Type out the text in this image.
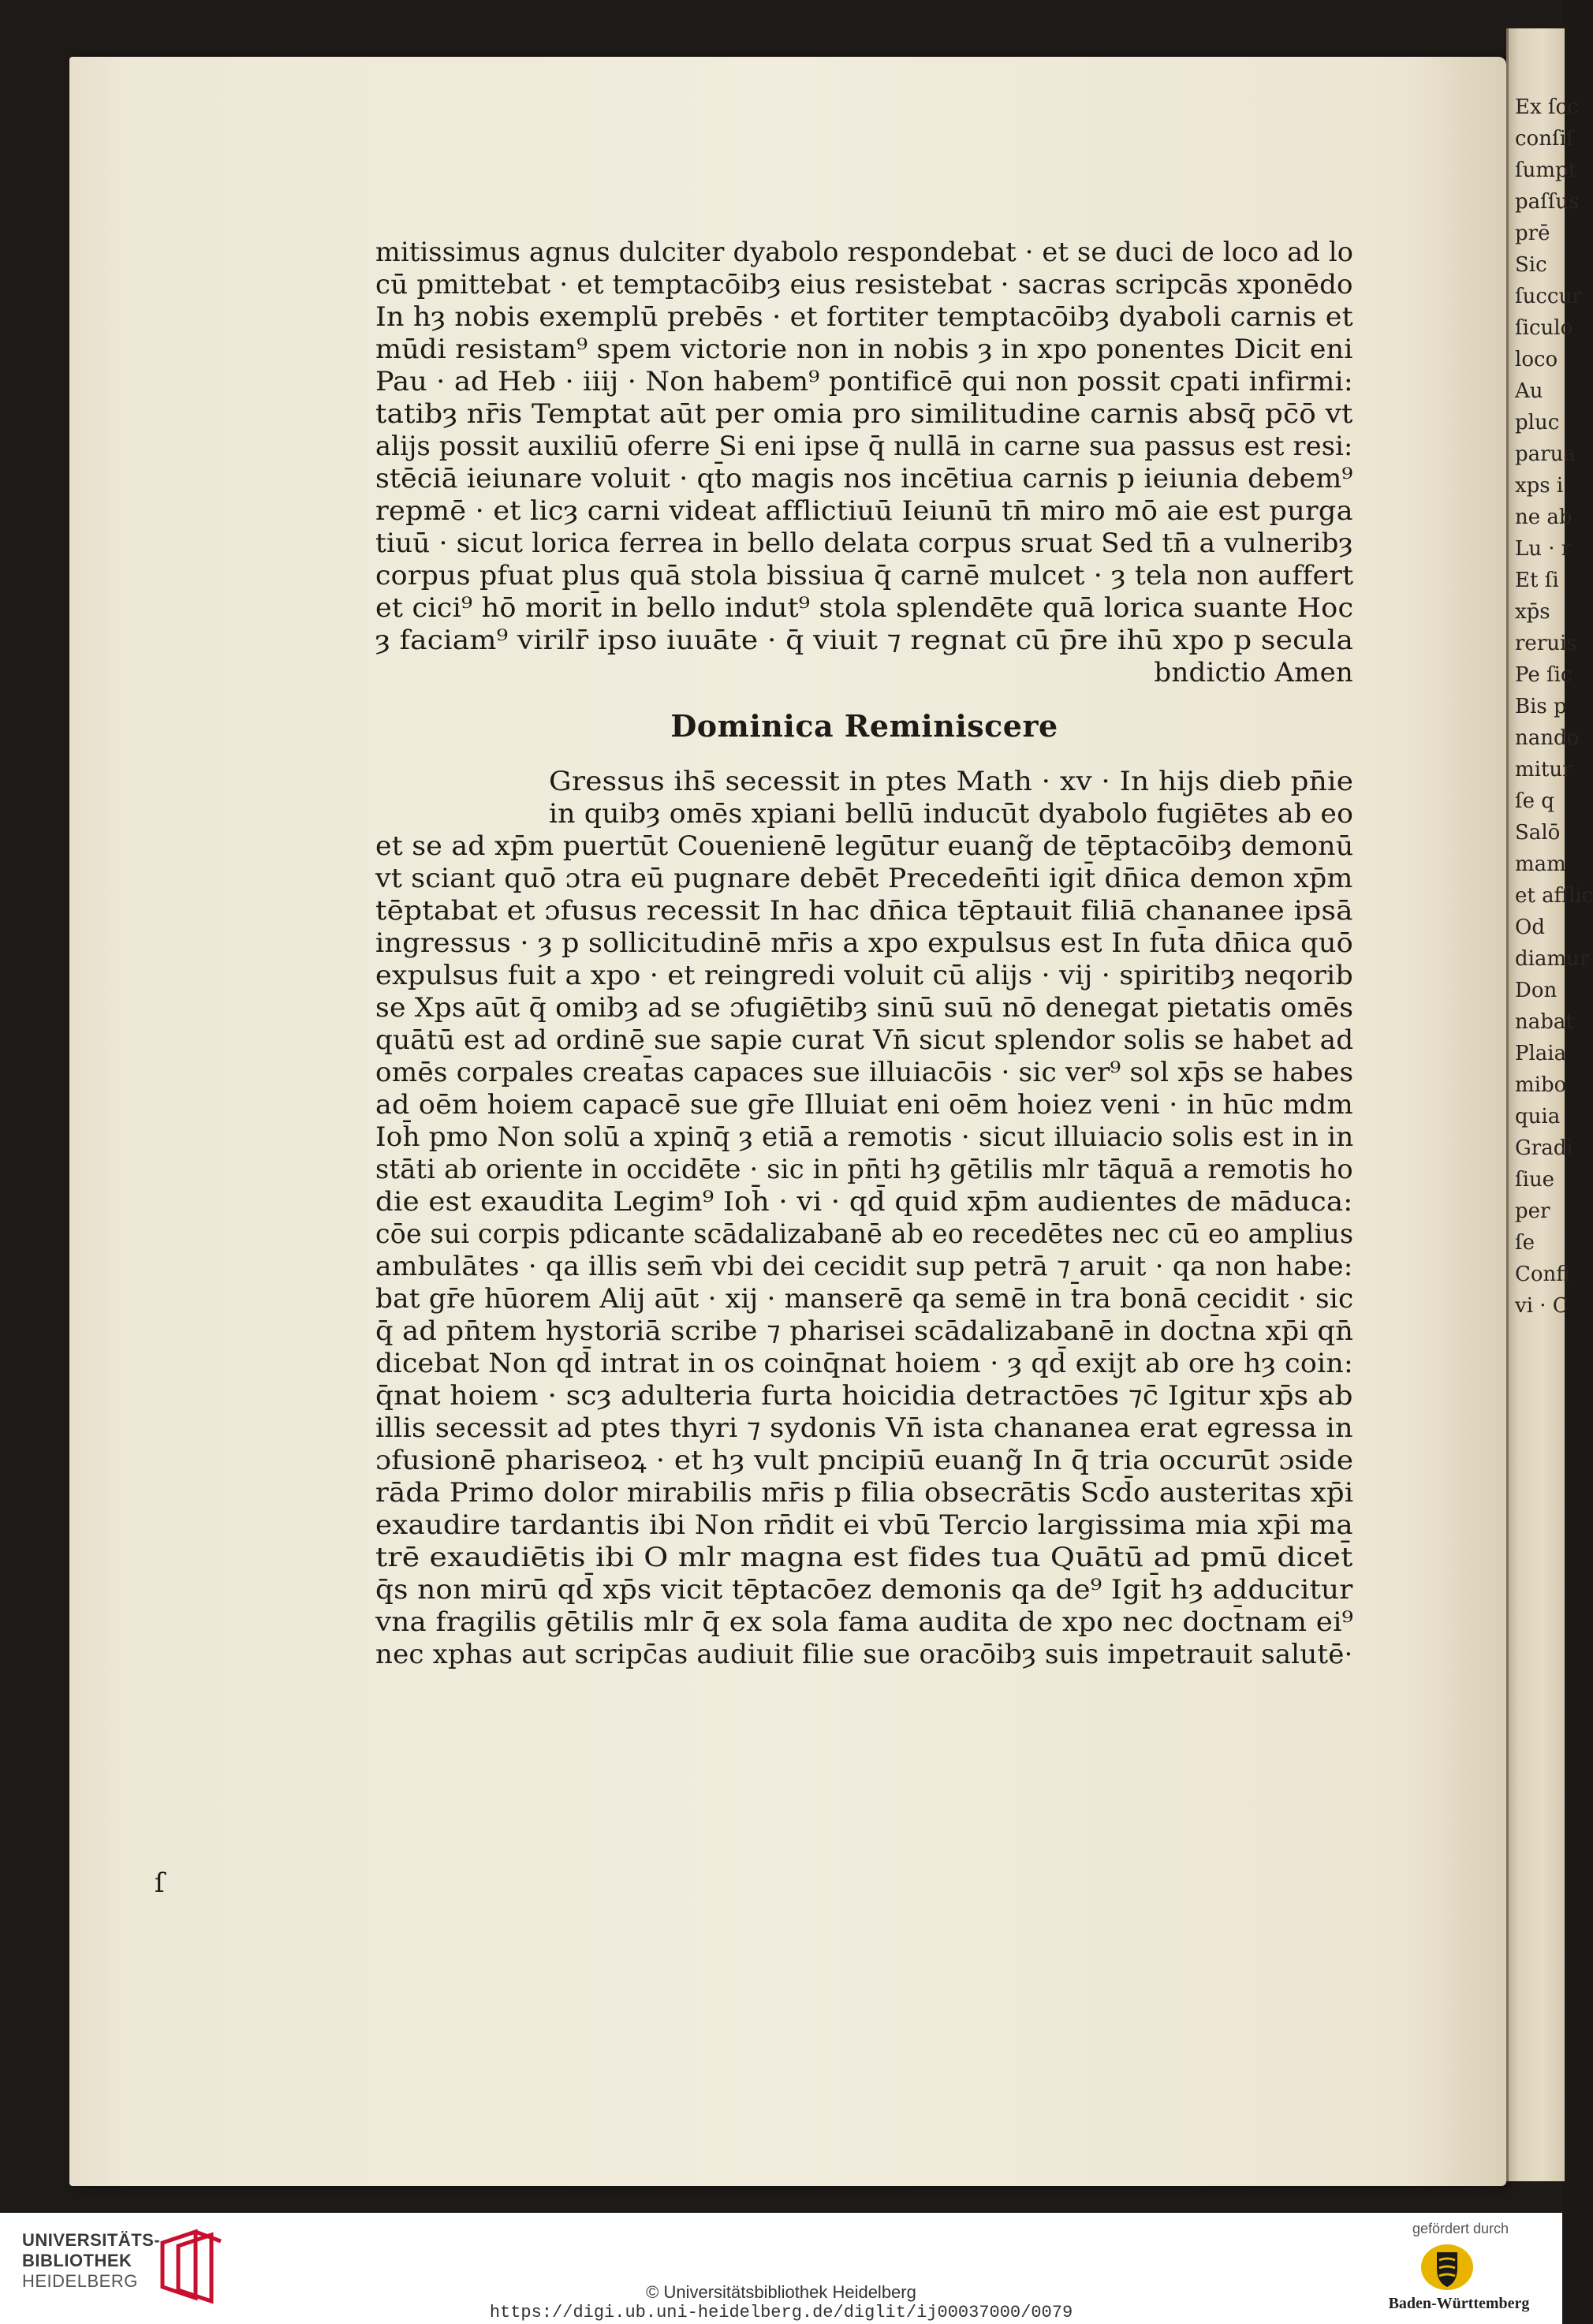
mitissimus agnus dulciter dyabolo respondebat · et se duci de loco ad lo
cū pmittebat · et temptacōibȝ eius resistebat · sacras scripcās xponēdo
In hȝ nobis exemplū prebēs · et fortiter temptacōibȝ dyaboli carnis et
mūdi resistam⁹ spem victorie non in nobis ȝ in xpo ponentes Dicit eni
Pau · ad Heb · iiij · Non habem⁹ pontificē qui non possit cpati infirmi:
tatibȝ nr̄is Temptat aūt per omia pro similitudine carnis absq̄ pc̄ō vt
alijs possit auxiliū oferre Si eni ipse q̄ nullā in carne sua passus est resi:
stēciā ieiunare voluit · qt̄o magis nos incētiua carnis p ieiunia debem⁹
repmē · et licȝ carni videat afflictiuū Ieiunū tn̄ miro mō aie est purga
tiuū · sicut lorica ferrea in bello delata corpus sruat Sed tn̄ a vulneribȝ
corpus pfuat plus quā stola bissiua q̄ carnē mulcet · ȝ tela non auffert
et cici⁹ hō morit̄ in bello indut⁹ stola splendēte quā lorica suante Hoc
ȝ faciam⁹ virilr̄ ipso iuuāte · q̄ viuit ⁊ regnat cū p̄re ihū xpo p secula
bndictio Amen
Dominica Reminiscere
Gressus ihs̄ secessit in ptes Math · xv · In hijs dieb pn̄ie
in quibȝ omēs xpiani bellū inducūt dyabolo fugiētes ab eo
et se ad xp̄m puertūt Couenienē legūtur euang̃ de tēptacōibȝ demonū
vt sciant quō ɔtra eū pugnare debēt Preceden̄ti igit̄ dn̄ica demon xp̄m
tēptabat et ɔfusus recessit In hac dn̄ica tēptauit filiā chananee ipsā
ingressus · ȝ p sollicitudinē mr̄is a xpo expulsus est In fut̄a dn̄ica quō
expulsus fuit a xpo · et reingredi voluit cū alijs · vij · spiritibȝ neqorib
se Xps aūt q̄ omibȝ ad se ɔfugiētibȝ sinū suū nō denegat pietatis omēs
quātū est ad ordinē sue sapie curat Vn̄ sicut splendor solis se habet ad
omēs corpales creat̄as capaces sue illuiacōis · sic ver⁹ sol xp̄s se habes
ad oēm hoiem capacē sue gr̄e Illuiat eni oēm hoiez veni · in hūc mdm
Ioh̄ pmo Non solū a xpinq̄ ȝ etiā a remotis · sicut illuiacio solis est in in
stāti ab oriente in occidēte · sic in pn̄ti hȝ gētilis mlr tāquā a remotis ho
die est exaudita Legim⁹ Ioh̄ · vi · qd̄ quid xp̄m audientes de māduca:
cōe sui corpis pdicante scādalizabanē ab eo recedētes nec cū eo amplius
ambulātes · qa illis sem̄ vbi dei cecidit sup petrā ⁊ aruit · qa non habe:
bat gr̄e hūorem Alij aūt · xij · manserē qa semē in t̄ra bonā cecidit · sic
q̄ ad pn̄tem hystoriā scribe ⁊ pharisei scādalizabanē in doct̄na xp̄i qn̄
dicebat Non qd̄ intrat in os coinq̄nat hoiem · ȝ qd̄ exijt ab ore hȝ coin:
q̄nat hoiem · scȝ adulteria furta hoicidia detractōes ⁊c̄ Igitur xp̄s ab
illis secessit ad ptes thyri ⁊ sydonis Vn̄ ista chananea erat egressa in
ɔfusionē phariseoꝝ · et hȝ vult pncipiū euang̃ In q̄ tria occurūt ɔside
rāda Primo dolor mirabilis mr̄is p filia obsecrātis Scd̄o austeritas xp̄i
exaudire tardantis ibi Non rn̄dit ei vbū Tercio largissima mia xp̄i ma
trē exaudiētis ibi O mlr magna est fides tua Quātū ad pmū dicet̄
q̄s non mirū qd̄ xp̄s vicit tēptacōez demonis qa de⁹ Igit̄ hȝ adducitur
vna fragilis gētilis mlr q̄ ex sola fama audita de xpo nec doct̄nam ei⁹
nec xphas aut scripc̄as audiuit filie sue oracōibȝ suis impetrauit salutē·
ſ
Ex ſcc
conſiſ
ſumpt
paſſus
prē
Sic
ſuccur
ſiculo
loco
Au
pluc
parua
xps i
ne ab
Lu · r
Et ſi
xp̄s
reruis
Pe ſic
Bis p
nando
mitur
ſe q
Salō
mam
et afflic
Od
diamur
Don
nabat
Plaia
mibo
quia
Gradi
ſiue
per
ſe
Confi
vi · C
UNIVERSITÄTS-
BIBLIOTHEK
HEIDELBERG
© Universitätsbibliothek Heidelberg
https://digi.ub.uni-heidelberg.de/diglit/ij00037000/0079
gefördert durch
Baden-Württemberg
